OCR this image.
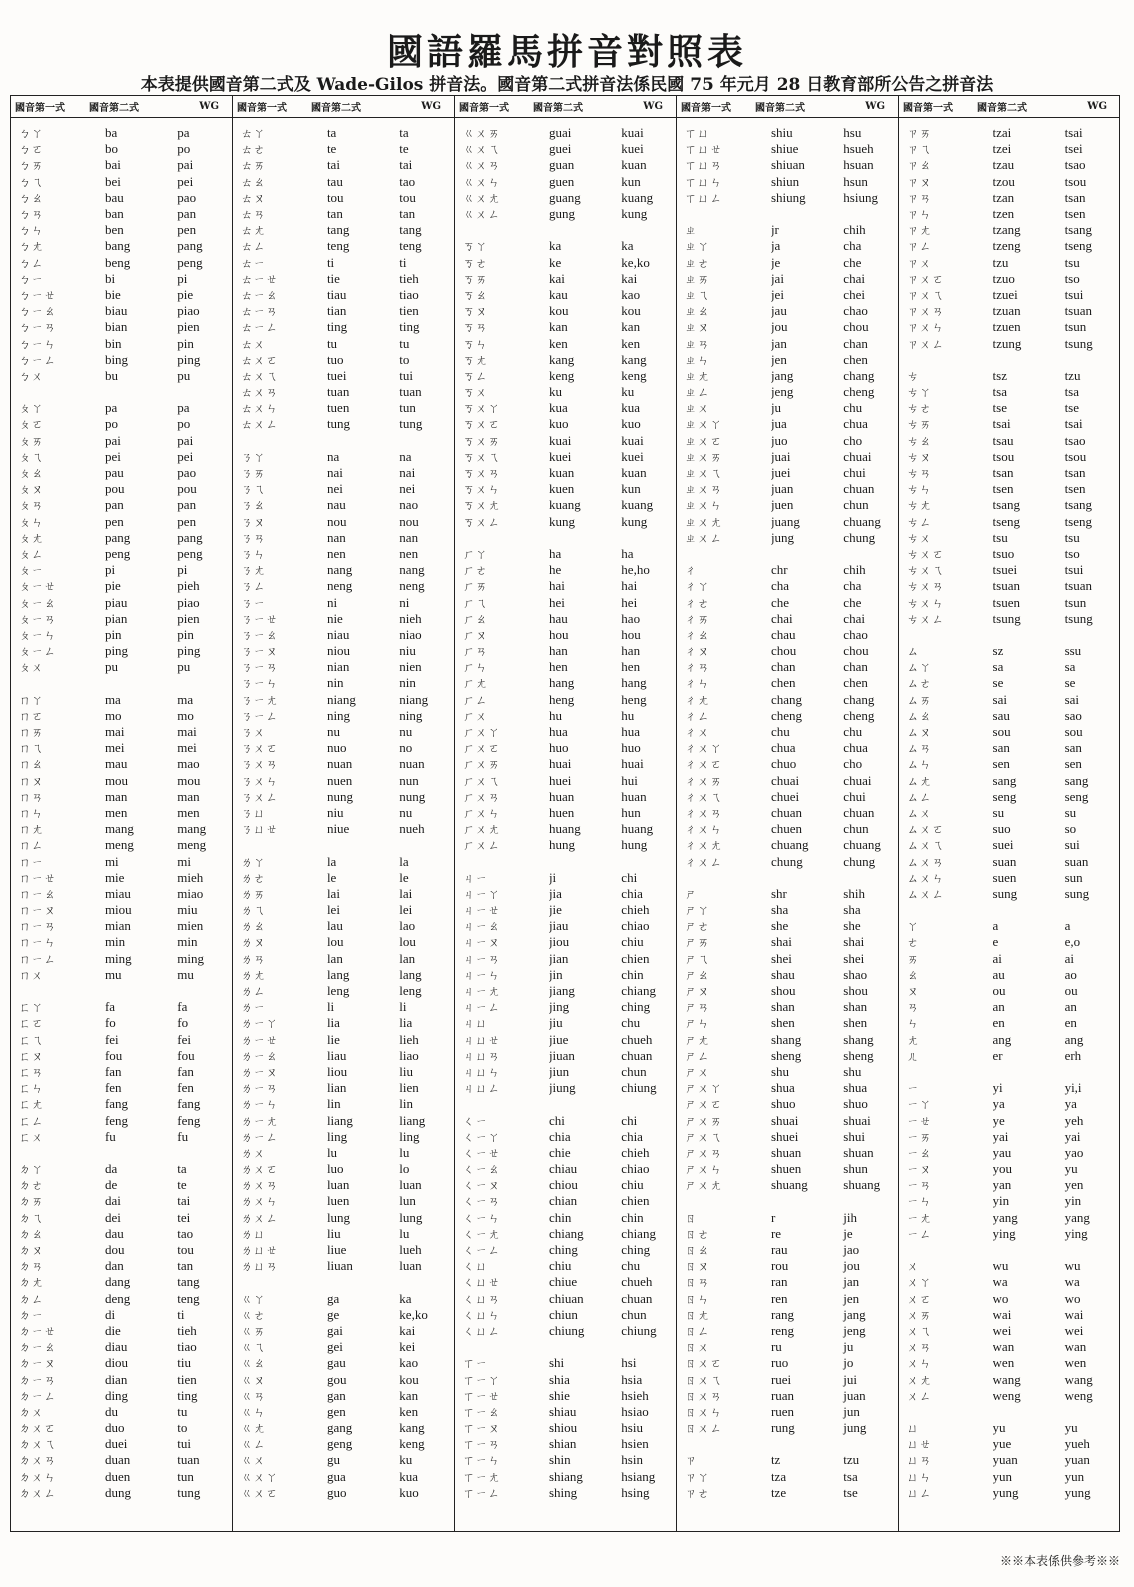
國語羅馬拼音對照表
本表提供國音第二式及 Wade-Gilos 拼音法。國音第二式拼音法係民國 75 年元月 28 日教育部所公告之拼音法
國音第一式	國音第二式	WG
ㄅㄚ	ba	pa
ㄅㄛ	bo	po
ㄅㄞ	bai	pai
ㄅㄟ	bei	pei
ㄅㄠ	bau	pao
ㄅㄢ	ban	pan
ㄅㄣ	ben	pen
ㄅㄤ	bang	pang
ㄅㄥ	beng	peng
ㄅㄧ	bi	pi
ㄅㄧㄝ	bie	pie
ㄅㄧㄠ	biau	piao
ㄅㄧㄢ	bian	pien
ㄅㄧㄣ	bin	pin
ㄅㄧㄥ	bing	ping
ㄅㄨ	bu	pu
ㄆㄚ	pa	pa
ㄆㄛ	po	po
ㄆㄞ	pai	pai
ㄆㄟ	pei	pei
ㄆㄠ	pau	pao
ㄆㄡ	pou	pou
ㄆㄢ	pan	pan
ㄆㄣ	pen	pen
ㄆㄤ	pang	pang
ㄆㄥ	peng	peng
ㄆㄧ	pi	pi
ㄆㄧㄝ	pie	pieh
ㄆㄧㄠ	piau	piao
ㄆㄧㄢ	pian	pien
ㄆㄧㄣ	pin	pin
ㄆㄧㄥ	ping	ping
ㄆㄨ	pu	pu
ㄇㄚ	ma	ma
ㄇㄛ	mo	mo
ㄇㄞ	mai	mai
ㄇㄟ	mei	mei
ㄇㄠ	mau	mao
ㄇㄡ	mou	mou
ㄇㄢ	man	man
ㄇㄣ	men	men
ㄇㄤ	mang	mang
ㄇㄥ	meng	meng
ㄇㄧ	mi	mi
ㄇㄧㄝ	mie	mieh
ㄇㄧㄠ	miau	miao
ㄇㄧㄡ	miou	miu
ㄇㄧㄢ	mian	mien
ㄇㄧㄣ	min	min
ㄇㄧㄥ	ming	ming
ㄇㄨ	mu	mu
ㄈㄚ	fa	fa
ㄈㄛ	fo	fo
ㄈㄟ	fei	fei
ㄈㄡ	fou	fou
ㄈㄢ	fan	fan
ㄈㄣ	fen	fen
ㄈㄤ	fang	fang
ㄈㄥ	feng	feng
ㄈㄨ	fu	fu
ㄉㄚ	da	ta
ㄉㄜ	de	te
ㄉㄞ	dai	tai
ㄉㄟ	dei	tei
ㄉㄠ	dau	tao
ㄉㄡ	dou	tou
ㄉㄢ	dan	tan
ㄉㄤ	dang	tang
ㄉㄥ	deng	teng
ㄉㄧ	di	ti
ㄉㄧㄝ	die	tieh
ㄉㄧㄠ	diau	tiao
ㄉㄧㄡ	diou	tiu
ㄉㄧㄢ	dian	tien
ㄉㄧㄥ	ding	ting
ㄉㄨ	du	tu
ㄉㄨㄛ	duo	to
ㄉㄨㄟ	duei	tui
ㄉㄨㄢ	duan	tuan
ㄉㄨㄣ	duen	tun
ㄉㄨㄥ	dung	tung
國音第一式	國音第二式	WG
ㄊㄚ	ta	ta
ㄊㄜ	te	te
ㄊㄞ	tai	tai
ㄊㄠ	tau	tao
ㄊㄡ	tou	tou
ㄊㄢ	tan	tan
ㄊㄤ	tang	tang
ㄊㄥ	teng	teng
ㄊㄧ	ti	ti
ㄊㄧㄝ	tie	tieh
ㄊㄧㄠ	tiau	tiao
ㄊㄧㄢ	tian	tien
ㄊㄧㄥ	ting	ting
ㄊㄨ	tu	tu
ㄊㄨㄛ	tuo	to
ㄊㄨㄟ	tuei	tui
ㄊㄨㄢ	tuan	tuan
ㄊㄨㄣ	tuen	tun
ㄊㄨㄥ	tung	tung
ㄋㄚ	na	na
ㄋㄞ	nai	nai
ㄋㄟ	nei	nei
ㄋㄠ	nau	nao
ㄋㄡ	nou	nou
ㄋㄢ	nan	nan
ㄋㄣ	nen	nen
ㄋㄤ	nang	nang
ㄋㄥ	neng	neng
ㄋㄧ	ni	ni
ㄋㄧㄝ	nie	nieh
ㄋㄧㄠ	niau	niao
ㄋㄧㄡ	niou	niu
ㄋㄧㄢ	nian	nien
ㄋㄧㄣ	nin	nin
ㄋㄧㄤ	niang	niang
ㄋㄧㄥ	ning	ning
ㄋㄨ	nu	nu
ㄋㄨㄛ	nuo	no
ㄋㄨㄢ	nuan	nuan
ㄋㄨㄣ	nuen	nun
ㄋㄨㄥ	nung	nung
ㄋㄩ	niu	nu
ㄋㄩㄝ	niue	nueh
ㄌㄚ	la	la
ㄌㄜ	le	le
ㄌㄞ	lai	lai
ㄌㄟ	lei	lei
ㄌㄠ	lau	lao
ㄌㄡ	lou	lou
ㄌㄢ	lan	lan
ㄌㄤ	lang	lang
ㄌㄥ	leng	leng
ㄌㄧ	li	li
ㄌㄧㄚ	lia	lia
ㄌㄧㄝ	lie	lieh
ㄌㄧㄠ	liau	liao
ㄌㄧㄡ	liou	liu
ㄌㄧㄢ	lian	lien
ㄌㄧㄣ	lin	lin
ㄌㄧㄤ	liang	liang
ㄌㄧㄥ	ling	ling
ㄌㄨ	lu	lu
ㄌㄨㄛ	luo	lo
ㄌㄨㄢ	luan	luan
ㄌㄨㄣ	luen	lun
ㄌㄨㄥ	lung	lung
ㄌㄩ	liu	lu
ㄌㄩㄝ	liue	lueh
ㄌㄩㄢ	liuan	luan
ㄍㄚ	ga	ka
ㄍㄜ	ge	ke,ko
ㄍㄞ	gai	kai
ㄍㄟ	gei	kei
ㄍㄠ	gau	kao
ㄍㄡ	gou	kou
ㄍㄢ	gan	kan
ㄍㄣ	gen	ken
ㄍㄤ	gang	kang
ㄍㄥ	geng	keng
ㄍㄨ	gu	ku
ㄍㄨㄚ	gua	kua
ㄍㄨㄛ	guo	kuo
國音第一式	國音第二式	WG
ㄍㄨㄞ	guai	kuai
ㄍㄨㄟ	guei	kuei
ㄍㄨㄢ	guan	kuan
ㄍㄨㄣ	guen	kun
ㄍㄨㄤ	guang	kuang
ㄍㄨㄥ	gung	kung
ㄎㄚ	ka	ka
ㄎㄜ	ke	ke,ko
ㄎㄞ	kai	kai
ㄎㄠ	kau	kao
ㄎㄡ	kou	kou
ㄎㄢ	kan	kan
ㄎㄣ	ken	ken
ㄎㄤ	kang	kang
ㄎㄥ	keng	keng
ㄎㄨ	ku	ku
ㄎㄨㄚ	kua	kua
ㄎㄨㄛ	kuo	kuo
ㄎㄨㄞ	kuai	kuai
ㄎㄨㄟ	kuei	kuei
ㄎㄨㄢ	kuan	kuan
ㄎㄨㄣ	kuen	kun
ㄎㄨㄤ	kuang	kuang
ㄎㄨㄥ	kung	kung
ㄏㄚ	ha	ha
ㄏㄜ	he	he,ho
ㄏㄞ	hai	hai
ㄏㄟ	hei	hei
ㄏㄠ	hau	hao
ㄏㄡ	hou	hou
ㄏㄢ	han	han
ㄏㄣ	hen	hen
ㄏㄤ	hang	hang
ㄏㄥ	heng	heng
ㄏㄨ	hu	hu
ㄏㄨㄚ	hua	hua
ㄏㄨㄛ	huo	huo
ㄏㄨㄞ	huai	huai
ㄏㄨㄟ	huei	hui
ㄏㄨㄢ	huan	huan
ㄏㄨㄣ	huen	hun
ㄏㄨㄤ	huang	huang
ㄏㄨㄥ	hung	hung
ㄐㄧ	ji	chi
ㄐㄧㄚ	jia	chia
ㄐㄧㄝ	jie	chieh
ㄐㄧㄠ	jiau	chiao
ㄐㄧㄡ	jiou	chiu
ㄐㄧㄢ	jian	chien
ㄐㄧㄣ	jin	chin
ㄐㄧㄤ	jiang	chiang
ㄐㄧㄥ	jing	ching
ㄐㄩ	jiu	chu
ㄐㄩㄝ	jiue	chueh
ㄐㄩㄢ	jiuan	chuan
ㄐㄩㄣ	jiun	chun
ㄐㄩㄥ	jiung	chiung
ㄑㄧ	chi	chi
ㄑㄧㄚ	chia	chia
ㄑㄧㄝ	chie	chieh
ㄑㄧㄠ	chiau	chiao
ㄑㄧㄡ	chiou	chiu
ㄑㄧㄢ	chian	chien
ㄑㄧㄣ	chin	chin
ㄑㄧㄤ	chiang	chiang
ㄑㄧㄥ	ching	ching
ㄑㄩ	chiu	chu
ㄑㄩㄝ	chiue	chueh
ㄑㄩㄢ	chiuan	chuan
ㄑㄩㄣ	chiun	chun
ㄑㄩㄥ	chiung	chiung
ㄒㄧ	shi	hsi
ㄒㄧㄚ	shia	hsia
ㄒㄧㄝ	shie	hsieh
ㄒㄧㄠ	shiau	hsiao
ㄒㄧㄡ	shiou	hsiu
ㄒㄧㄢ	shian	hsien
ㄒㄧㄣ	shin	hsin
ㄒㄧㄤ	shiang	hsiang
ㄒㄧㄥ	shing	hsing
國音第一式	國音第二式	WG
ㄒㄩ	shiu	hsu
ㄒㄩㄝ	shiue	hsueh
ㄒㄩㄢ	shiuan	hsuan
ㄒㄩㄣ	shiun	hsun
ㄒㄩㄥ	shiung	hsiung
ㄓ	jr	chih
ㄓㄚ	ja	cha
ㄓㄜ	je	che
ㄓㄞ	jai	chai
ㄓㄟ	jei	chei
ㄓㄠ	jau	chao
ㄓㄡ	jou	chou
ㄓㄢ	jan	chan
ㄓㄣ	jen	chen
ㄓㄤ	jang	chang
ㄓㄥ	jeng	cheng
ㄓㄨ	ju	chu
ㄓㄨㄚ	jua	chua
ㄓㄨㄛ	juo	cho
ㄓㄨㄞ	juai	chuai
ㄓㄨㄟ	juei	chui
ㄓㄨㄢ	juan	chuan
ㄓㄨㄣ	juen	chun
ㄓㄨㄤ	juang	chuang
ㄓㄨㄥ	jung	chung
ㄔ	chr	chih
ㄔㄚ	cha	cha
ㄔㄜ	che	che
ㄔㄞ	chai	chai
ㄔㄠ	chau	chao
ㄔㄡ	chou	chou
ㄔㄢ	chan	chan
ㄔㄣ	chen	chen
ㄔㄤ	chang	chang
ㄔㄥ	cheng	cheng
ㄔㄨ	chu	chu
ㄔㄨㄚ	chua	chua
ㄔㄨㄛ	chuo	cho
ㄔㄨㄞ	chuai	chuai
ㄔㄨㄟ	chuei	chui
ㄔㄨㄢ	chuan	chuan
ㄔㄨㄣ	chuen	chun
ㄔㄨㄤ	chuang	chuang
ㄔㄨㄥ	chung	chung
ㄕ	shr	shih
ㄕㄚ	sha	sha
ㄕㄜ	she	she
ㄕㄞ	shai	shai
ㄕㄟ	shei	shei
ㄕㄠ	shau	shao
ㄕㄡ	shou	shou
ㄕㄢ	shan	shan
ㄕㄣ	shen	shen
ㄕㄤ	shang	shang
ㄕㄥ	sheng	sheng
ㄕㄨ	shu	shu
ㄕㄨㄚ	shua	shua
ㄕㄨㄛ	shuo	shuo
ㄕㄨㄞ	shuai	shuai
ㄕㄨㄟ	shuei	shui
ㄕㄨㄢ	shuan	shuan
ㄕㄨㄣ	shuen	shun
ㄕㄨㄤ	shuang	shuang
ㄖ	r	jih
ㄖㄜ	re	je
ㄖㄠ	rau	jao
ㄖㄡ	rou	jou
ㄖㄢ	ran	jan
ㄖㄣ	ren	jen
ㄖㄤ	rang	jang
ㄖㄥ	reng	jeng
ㄖㄨ	ru	ju
ㄖㄨㄛ	ruo	jo
ㄖㄨㄟ	ruei	jui
ㄖㄨㄢ	ruan	juan
ㄖㄨㄣ	ruen	jun
ㄖㄨㄥ	rung	jung
ㄗ	tz	tzu
ㄗㄚ	tza	tsa
ㄗㄜ	tze	tse
國音第一式	國音第二式	WG
ㄗㄞ	tzai	tsai
ㄗㄟ	tzei	tsei
ㄗㄠ	tzau	tsao
ㄗㄡ	tzou	tsou
ㄗㄢ	tzan	tsan
ㄗㄣ	tzen	tsen
ㄗㄤ	tzang	tsang
ㄗㄥ	tzeng	tseng
ㄗㄨ	tzu	tsu
ㄗㄨㄛ	tzuo	tso
ㄗㄨㄟ	tzuei	tsui
ㄗㄨㄢ	tzuan	tsuan
ㄗㄨㄣ	tzuen	tsun
ㄗㄨㄥ	tzung	tsung
ㄘ	tsz	tzu
ㄘㄚ	tsa	tsa
ㄘㄜ	tse	tse
ㄘㄞ	tsai	tsai
ㄘㄠ	tsau	tsao
ㄘㄡ	tsou	tsou
ㄘㄢ	tsan	tsan
ㄘㄣ	tsen	tsen
ㄘㄤ	tsang	tsang
ㄘㄥ	tseng	tseng
ㄘㄨ	tsu	tsu
ㄘㄨㄛ	tsuo	tso
ㄘㄨㄟ	tsuei	tsui
ㄘㄨㄢ	tsuan	tsuan
ㄘㄨㄣ	tsuen	tsun
ㄘㄨㄥ	tsung	tsung
ㄙ	sz	ssu
ㄙㄚ	sa	sa
ㄙㄜ	se	se
ㄙㄞ	sai	sai
ㄙㄠ	sau	sao
ㄙㄡ	sou	sou
ㄙㄢ	san	san
ㄙㄣ	sen	sen
ㄙㄤ	sang	sang
ㄙㄥ	seng	seng
ㄙㄨ	su	su
ㄙㄨㄛ	suo	so
ㄙㄨㄟ	suei	sui
ㄙㄨㄢ	suan	suan
ㄙㄨㄣ	suen	sun
ㄙㄨㄥ	sung	sung
ㄚ	a	a
ㄜ	e	e,o
ㄞ	ai	ai
ㄠ	au	ao
ㄡ	ou	ou
ㄢ	an	an
ㄣ	en	en
ㄤ	ang	ang
ㄦ	er	erh
ㄧ	yi	yi,i
ㄧㄚ	ya	ya
ㄧㄝ	ye	yeh
ㄧㄞ	yai	yai
ㄧㄠ	yau	yao
ㄧㄡ	you	yu
ㄧㄢ	yan	yen
ㄧㄣ	yin	yin
ㄧㄤ	yang	yang
ㄧㄥ	ying	ying
ㄨ	wu	wu
ㄨㄚ	wa	wa
ㄨㄛ	wo	wo
ㄨㄞ	wai	wai
ㄨㄟ	wei	wei
ㄨㄢ	wan	wan
ㄨㄣ	wen	wen
ㄨㄤ	wang	wang
ㄨㄥ	weng	weng
ㄩ	yu	yu
ㄩㄝ	yue	yueh
ㄩㄢ	yuan	yuan
ㄩㄣ	yun	yun
ㄩㄥ	yung	yung
※※本表係供參考※※
